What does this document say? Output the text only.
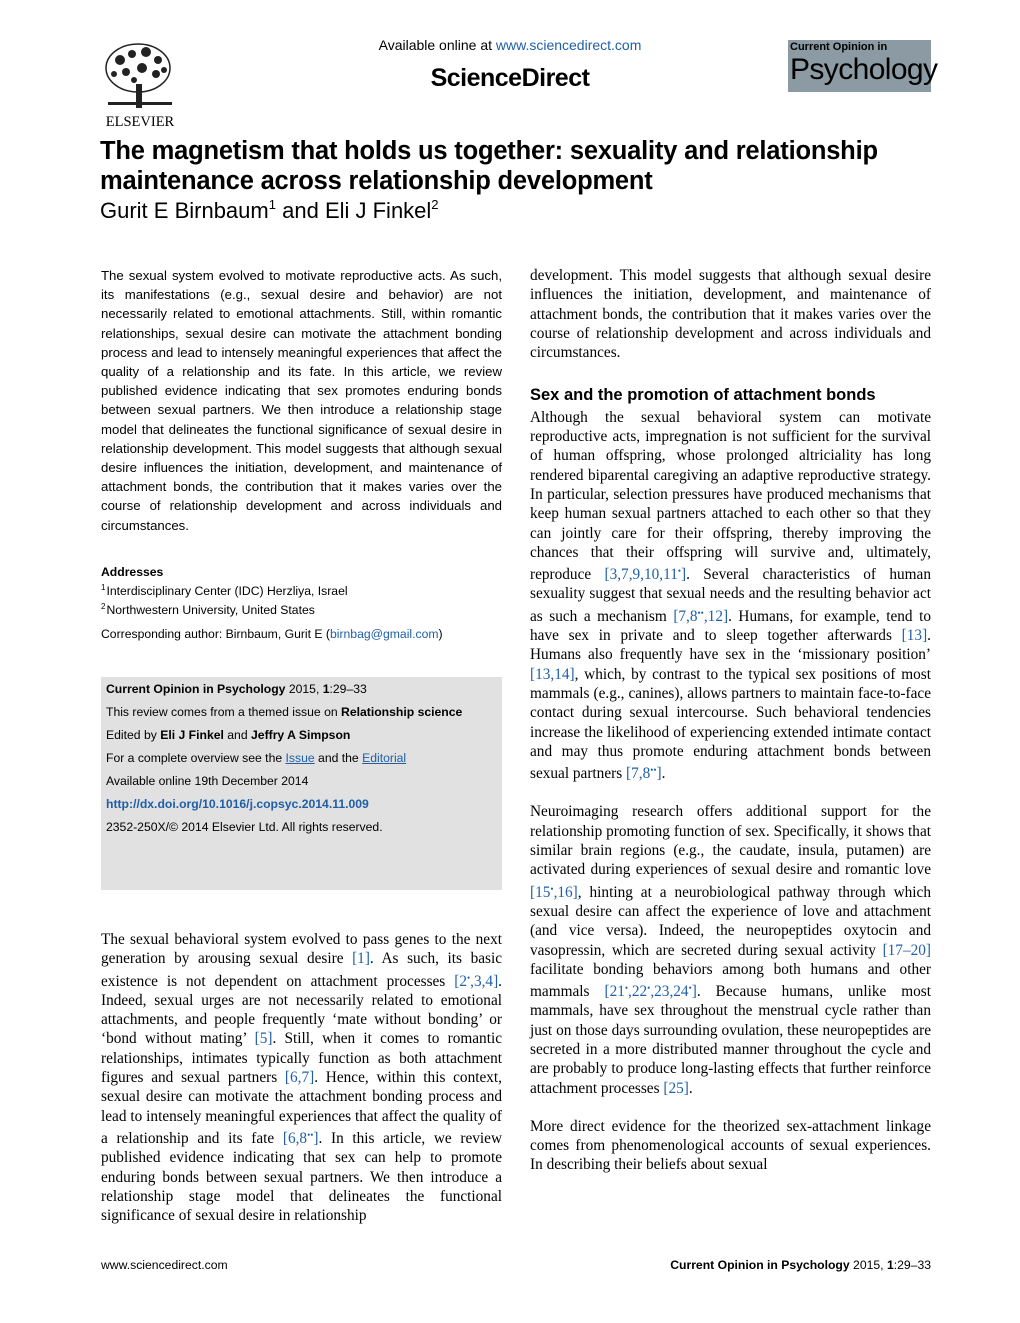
ELSEVIER
Available online at www.sciencedirect.com
ScienceDirect
Current Opinion in
Psychology
The magnetism that holds us together: sexuality and relationship maintenance across relationship development
Gurit E Birnbaum$^1$ and Eli J Finkel$^2$
The sexual system evolved to motivate reproductive acts. As such, its manifestations (e.g., sexual desire and behavior) are not necessarily related to emotional attachments. Still, within romantic relationships, sexual desire can motivate the attachment bonding process and lead to intensely meaningful experiences that affect the quality of a relationship and its fate. In this article, we review published evidence indicating that sex promotes enduring bonds between sexual partners. We then introduce a relationship stage model that delineates the functional significance of sexual desire in relationship development. This model suggests that although sexual desire influences the initiation, development, and maintenance of attachment bonds, the contribution that it makes varies over the course of relationship development and across individuals and circumstances.
Addresses
$^1$Interdisciplinary Center (IDC) Herzliya, Israel
$^2$Northwestern University, United States
Corresponding author: Birnbaum, Gurit E (birnbag@gmail.com)
Current Opinion in Psychology 2015, 1:29–33
This review comes from a themed issue on Relationship science
Edited by Eli J Finkel and Jeffry A Simpson
For a complete overview see the Issue and the Editorial
Available online 19th December 2014
http://dx.doi.org/10.1016/j.copsyc.2014.11.009
2352-250X/© 2014 Elsevier Ltd. All rights reserved.

The sexual behavioral system evolved to pass genes to the next generation by arousing sexual desire [1]. As such, its basic existence is not dependent on attachment processes [2•,3,4]. Indeed, sexual urges are not necessarily related to emotional attachments, and people frequently ‘mate without bonding’ or ‘bond without mating’ [5]. Still, when it comes to romantic relationships, intimates typically function as both attachment figures and sexual partners [6,7]. Hence, within this context, sexual desire can motivate the attachment bonding process and lead to intensely meaningful experiences that affect the quality of a relationship and its fate [6,8••]. In this article, we review published evidence indicating that sex can help to promote enduring bonds between sexual partners. We then introduce a relationship stage model that delineates the functional significance of sexual desire in relationship

development. This model suggests that although sexual desire influences the initiation, development, and maintenance of attachment bonds, the contribution that it makes varies over the course of relationship development and across individuals and circumstances.

Sex and the promotion of attachment bonds

Although the sexual behavioral system can motivate reproductive acts, impregnation is not sufficient for the survival of human offspring, whose prolonged altriciality has long rendered biparental caregiving an adaptive reproductive strategy. In particular, selection pressures have produced mechanisms that keep human sexual partners attached to each other so that they can jointly care for their offspring, thereby improving the chances that their offspring will survive and, ultimately, reproduce [3,7,9,10,11•]. Several characteristics of human sexuality suggest that sexual needs and the resulting behavior act as such a mechanism [7,8••,12]. Humans, for example, tend to have sex in private and to sleep together afterwards [13]. Humans also frequently have sex in the ‘missionary position’ [13,14], which, by contrast to the typical sex positions of most mammals (e.g., canines), allows partners to maintain face-to-face contact during sexual intercourse. Such behavioral tendencies increase the likelihood of experiencing extended intimate contact and may thus promote enduring attachment bonds between sexual partners [7,8••].

Neuroimaging research offers additional support for the relationship promoting function of sex. Specifically, it shows that similar brain regions (e.g., the caudate, insula, putamen) are activated during experiences of sexual desire and romantic love [15•,16], hinting at a neurobiological pathway through which sexual desire can affect the experience of love and attachment (and vice versa). Indeed, the neuropeptides oxytocin and vasopressin, which are secreted during sexual activity [17–20] facilitate bonding behaviors among both humans and other mammals [21•,22•,23,24•]. Because humans, unlike most mammals, have sex throughout the menstrual cycle rather than just on those days surrounding ovulation, these neuropeptides are secreted in a more distributed manner throughout the cycle and are probably to produce long-lasting effects that further reinforce attachment processes [25].

More direct evidence for the theorized sex-attachment linkage comes from phenomenological accounts of sexual experiences. In describing their beliefs about sexual

www.sciencedirect.com	Current Opinion in Psychology 2015, 1:29–33
